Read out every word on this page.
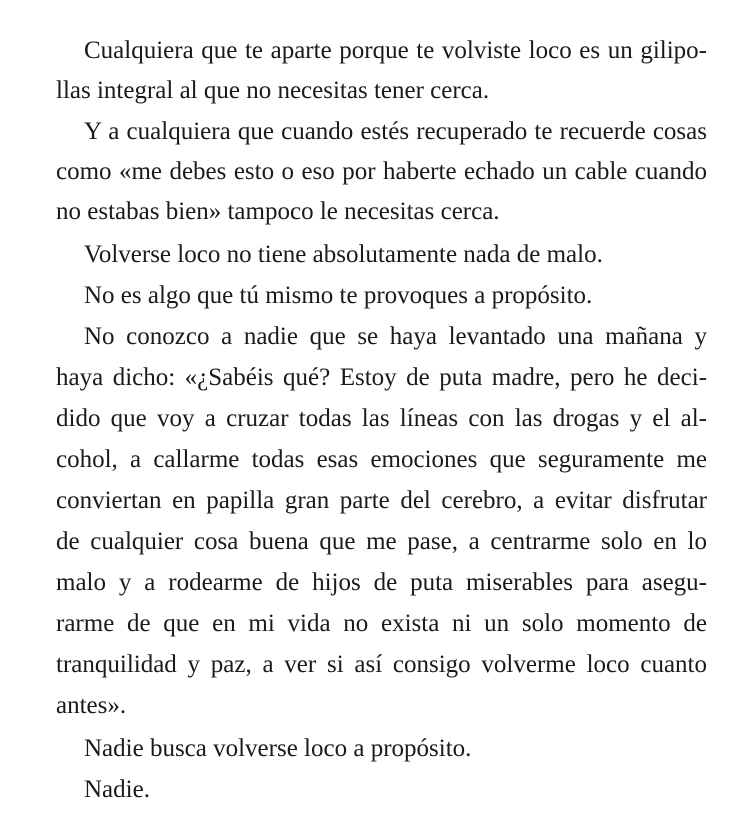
Cualquiera que te aparte porque te volviste loco es un gilipo-
llas integral al que no necesitas tener cerca.
Y a cualquiera que cuando estés recuperado te recuerde cosas
como «me debes esto o eso por haberte echado un cable cuando
no estabas bien» tampoco le necesitas cerca.
Volverse loco no tiene absolutamente nada de malo.
No es algo que tú mismo te provoques a propósito.
No conozco a nadie que se haya levantado una mañana y
haya dicho: «¿Sabéis qué? Estoy de puta madre, pero he deci-
dido que voy a cruzar todas las líneas con las drogas y el al-
cohol, a callarme todas esas emociones que seguramente me
conviertan en papilla gran parte del cerebro, a evitar disfrutar
de cualquier cosa buena que me pase, a centrarme solo en lo
malo y a rodearme de hijos de puta miserables para asegu-
rarme de que en mi vida no exista ni un solo momento de
tranquilidad y paz, a ver si así consigo volverme loco cuanto
antes».
Nadie busca volverse loco a propósito.
Nadie.
